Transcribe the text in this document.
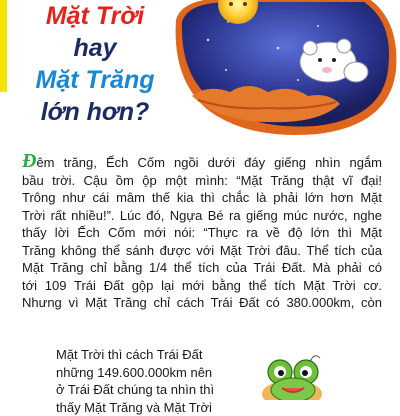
Mặt Trời
hay
Mặt Trăng
lớn hơn?
Đêm trăng, Ếch Cốm ngồi dưới đáy giếng nhìn ngắm
bầu trời. Cậu ồm ộp một mình: “Mặt Trăng thật vĩ đại!
Trông như cái mâm thế kia thì chắc là phải lớn hơn Mặt
Trời rất nhiều!”. Lúc đó, Ngựa Bé ra giếng múc nước, nghe
thấy lời Ếch Cốm mới nói: “Thực ra về độ lớn thì Mặt
Trăng không thể sánh được với Mặt Trời đâu. Thể tích của
Mặt Trăng chỉ bằng 1/4 thể tích của Trái Đất. Mà phải có
tới 109 Trái Đất gộp lại mới bằng thể tích Mặt Trời cơ.
Nhưng vì Mặt Trăng chỉ cách Trái Đất có 380.000km, còn
Mặt Trời thì cách Trái Đất
những 149.600.000km nên
ở Trái Đất chúng ta nhìn thì
thấy Mặt Trăng và Mặt Trời
